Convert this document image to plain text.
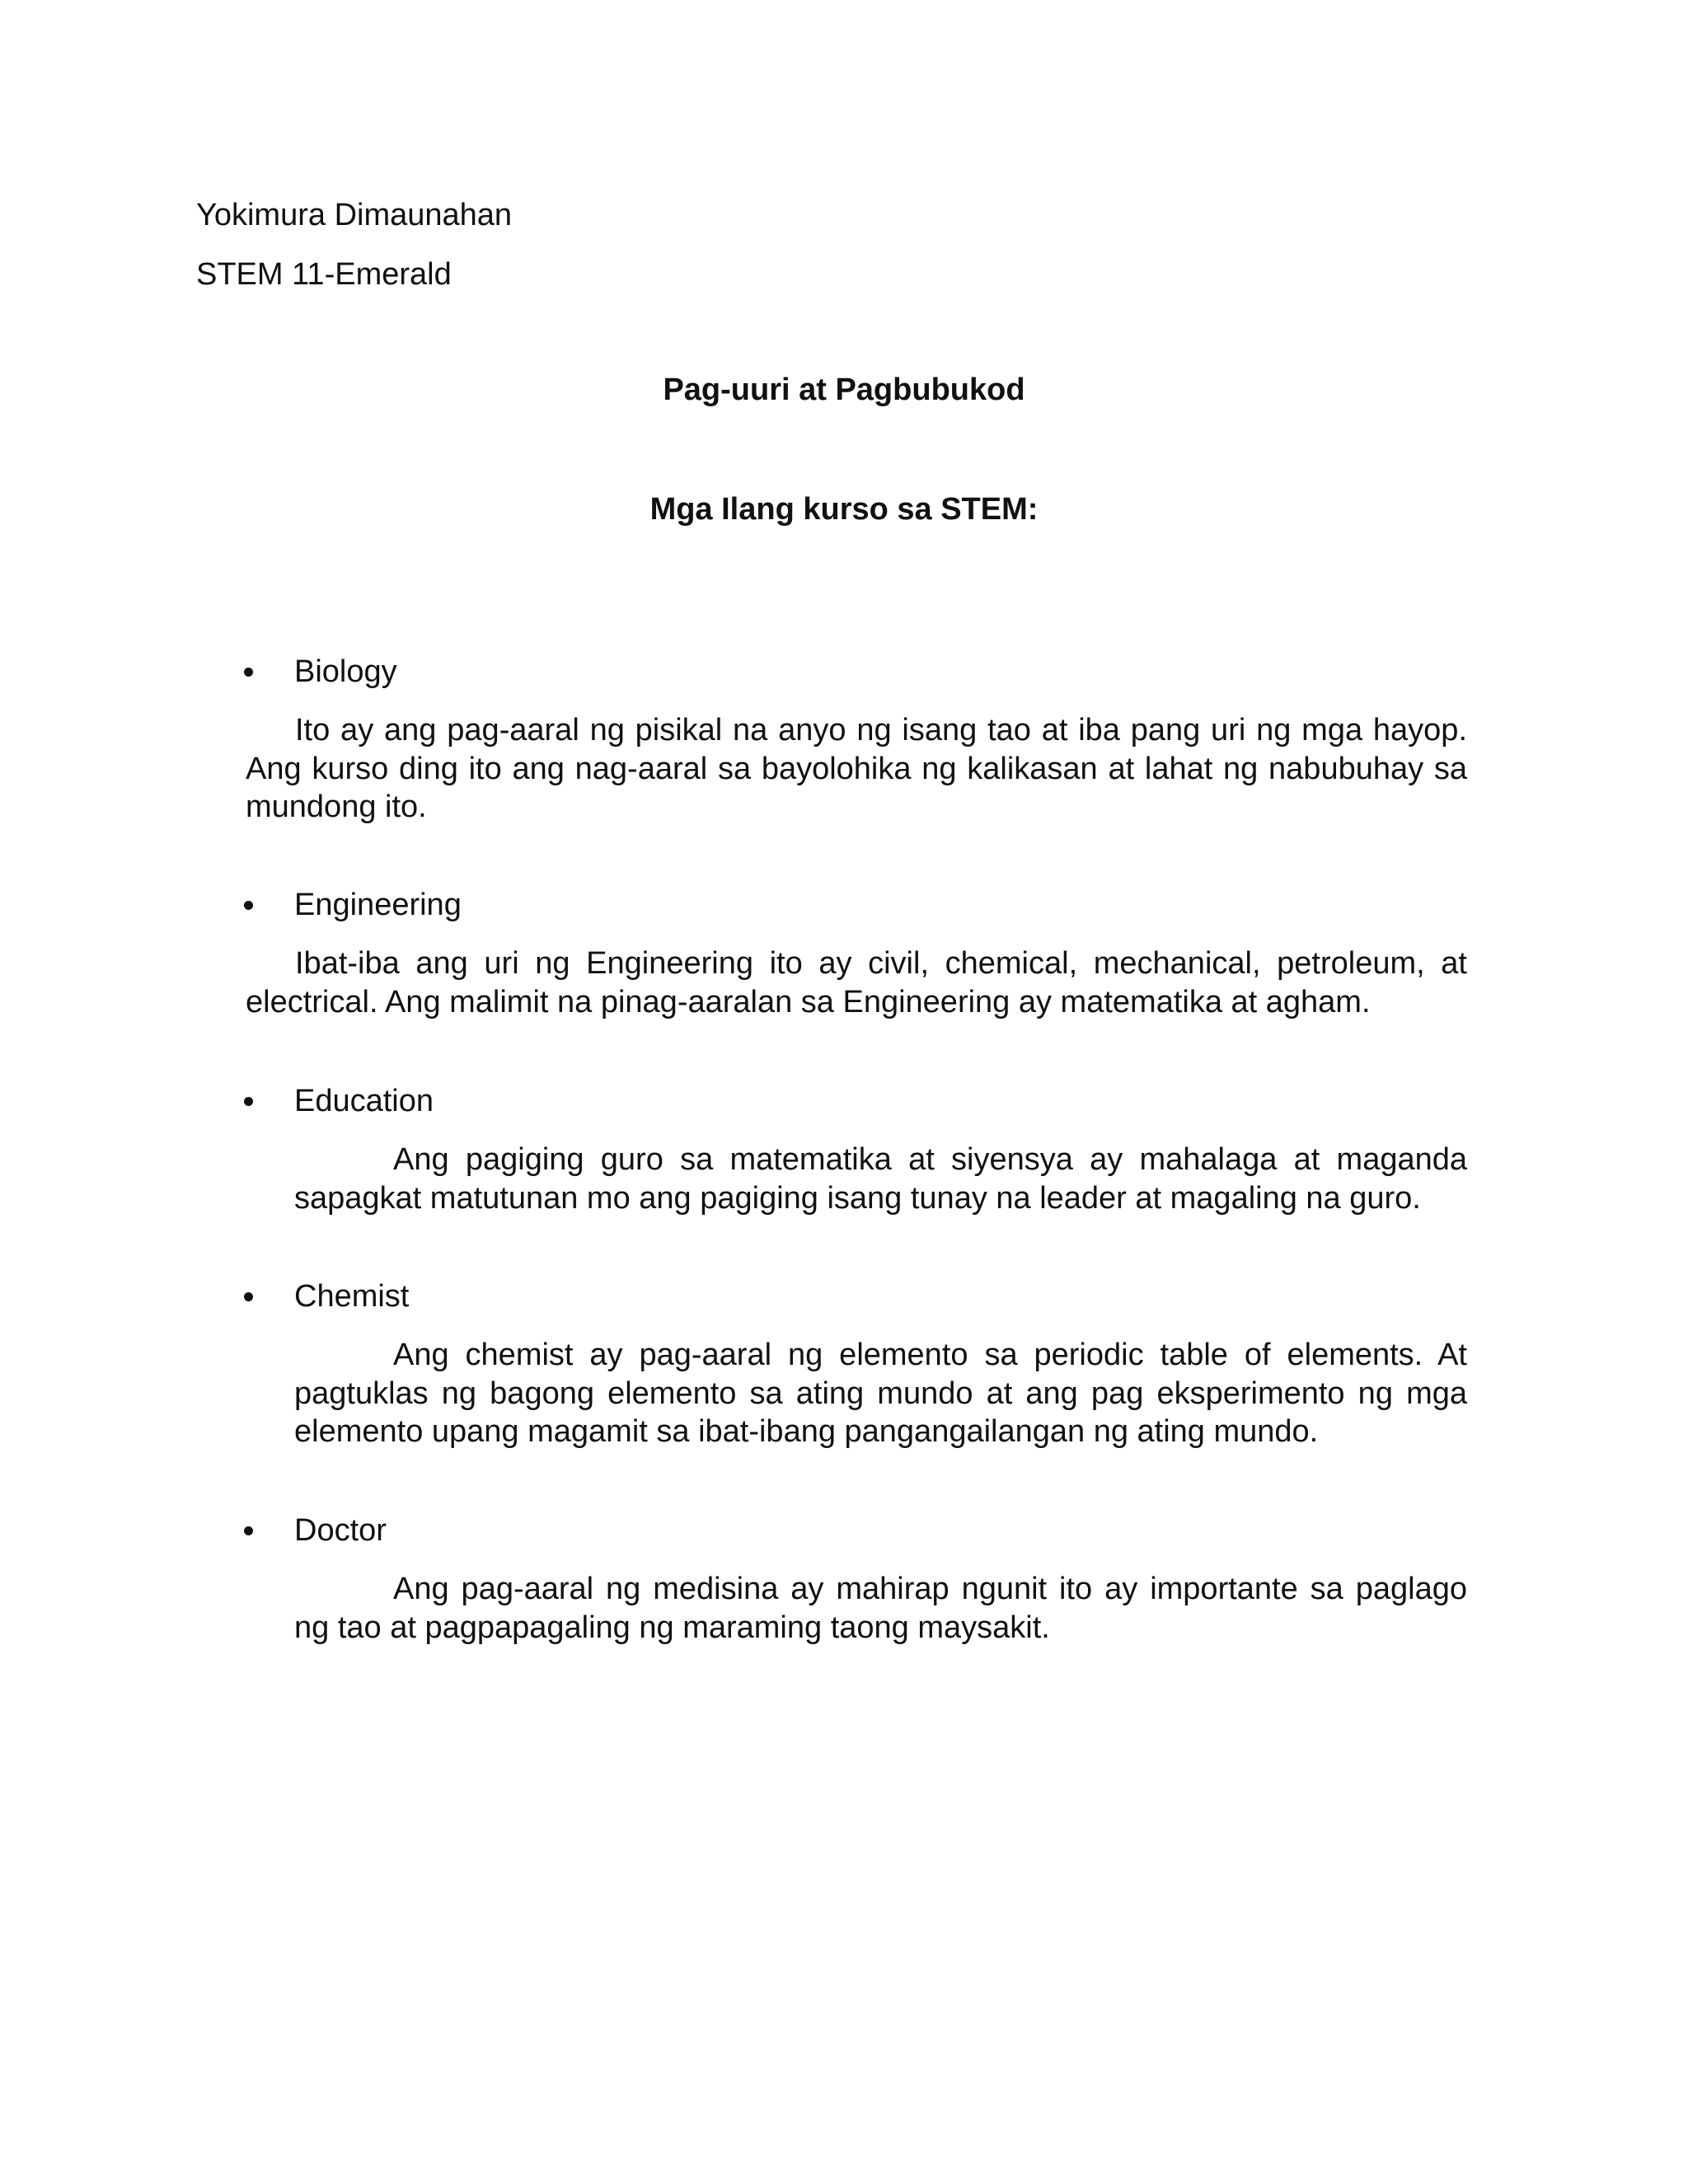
Yokimura Dimaunahan
STEM 11-Emerald
Pag-uuri at Pagbubukod
Mga Ilang kurso sa STEM:
Biology
Ito ay ang pag-aaral ng pisikal na anyo ng isang tao at iba pang uri ng mga hayop. Ang kurso ding ito ang nag-aaral sa bayolohika ng kalikasan at lahat ng nabubuhay sa mundong ito.
Engineering
Ibat-iba ang uri ng Engineering ito ay civil, chemical, mechanical, petroleum, at electrical. Ang malimit na pinag-aaralan sa Engineering ay matematika at agham.
Education
Ang pagiging guro sa matematika at siyensya ay mahalaga at maganda sapagkat matutunan mo ang pagiging isang tunay na leader at magaling na guro.
Chemist
Ang chemist ay pag-aaral ng elemento sa periodic table of elements. At pagtuklas ng bagong elemento sa ating mundo at ang pag eksperimento ng mga elemento upang magamit sa ibat-ibang pangangailangan ng ating mundo.
Doctor
Ang pag-aaral ng medisina ay mahirap ngunit ito ay importante sa paglago ng tao at pagpapagaling ng maraming taong maysakit.
